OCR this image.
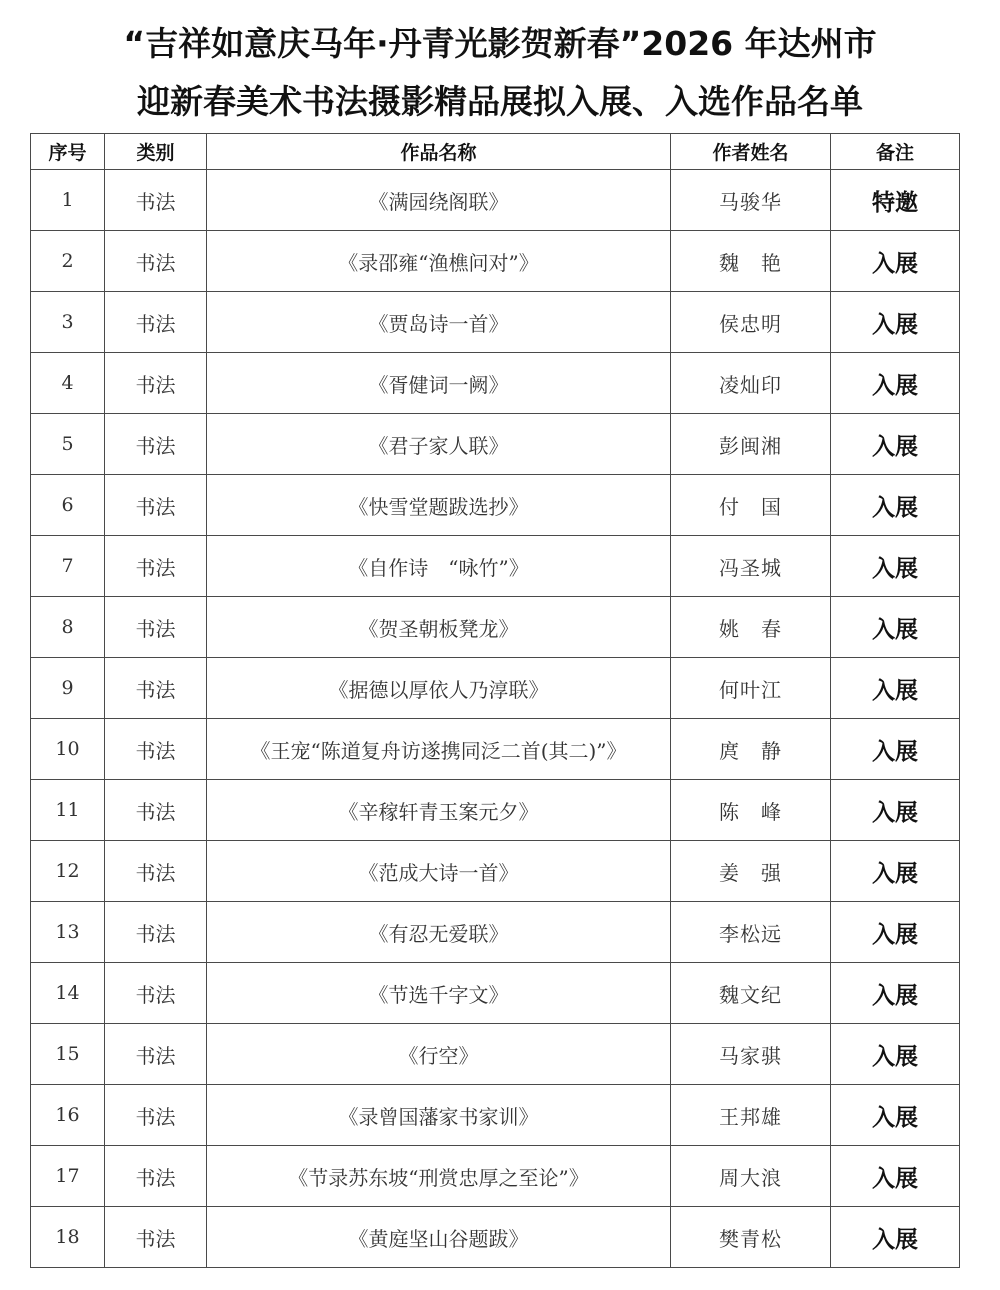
“吉祥如意庆马年·丹青光影贺新春”2026 年达州市
迎新春美术书法摄影精品展拟入展、入选作品名单
序号	类别	作品名称	作者姓名	备注
1	书法	《满园绕阁联》	马骏华	特邀
2	书法	《录邵雍“渔樵问对”》	魏　艳	入展
3	书法	《贾岛诗一首》	侯忠明	入展
4	书法	《胥健词一阙》	凌灿印	入展
5	书法	《君子家人联》	彭闽湘	入展
6	书法	《快雪堂题跋选抄》	付　国	入展
7	书法	《自作诗　“咏竹”》	冯圣城	入展
8	书法	《贺圣朝板凳龙》	姚　春	入展
9	书法	《据德以厚依人乃淳联》	何叶江	入展
10	书法	《王宠“陈道复舟访遂携同泛二首(其二)”》	庹　静	入展
11	书法	《辛稼轩青玉案元夕》	陈　峰	入展
12	书法	《范成大诗一首》	姜　强	入展
13	书法	《有忍无爱联》	李松远	入展
14	书法	《节选千字文》	魏文纪	入展
15	书法	《行空》	马家骐	入展
16	书法	《录曾国藩家书家训》	王邦雄	入展
17	书法	《节录苏东坡“刑赏忠厚之至论”》	周大浪	入展
18	书法	《黄庭坚山谷题跋》	樊青松	入展
